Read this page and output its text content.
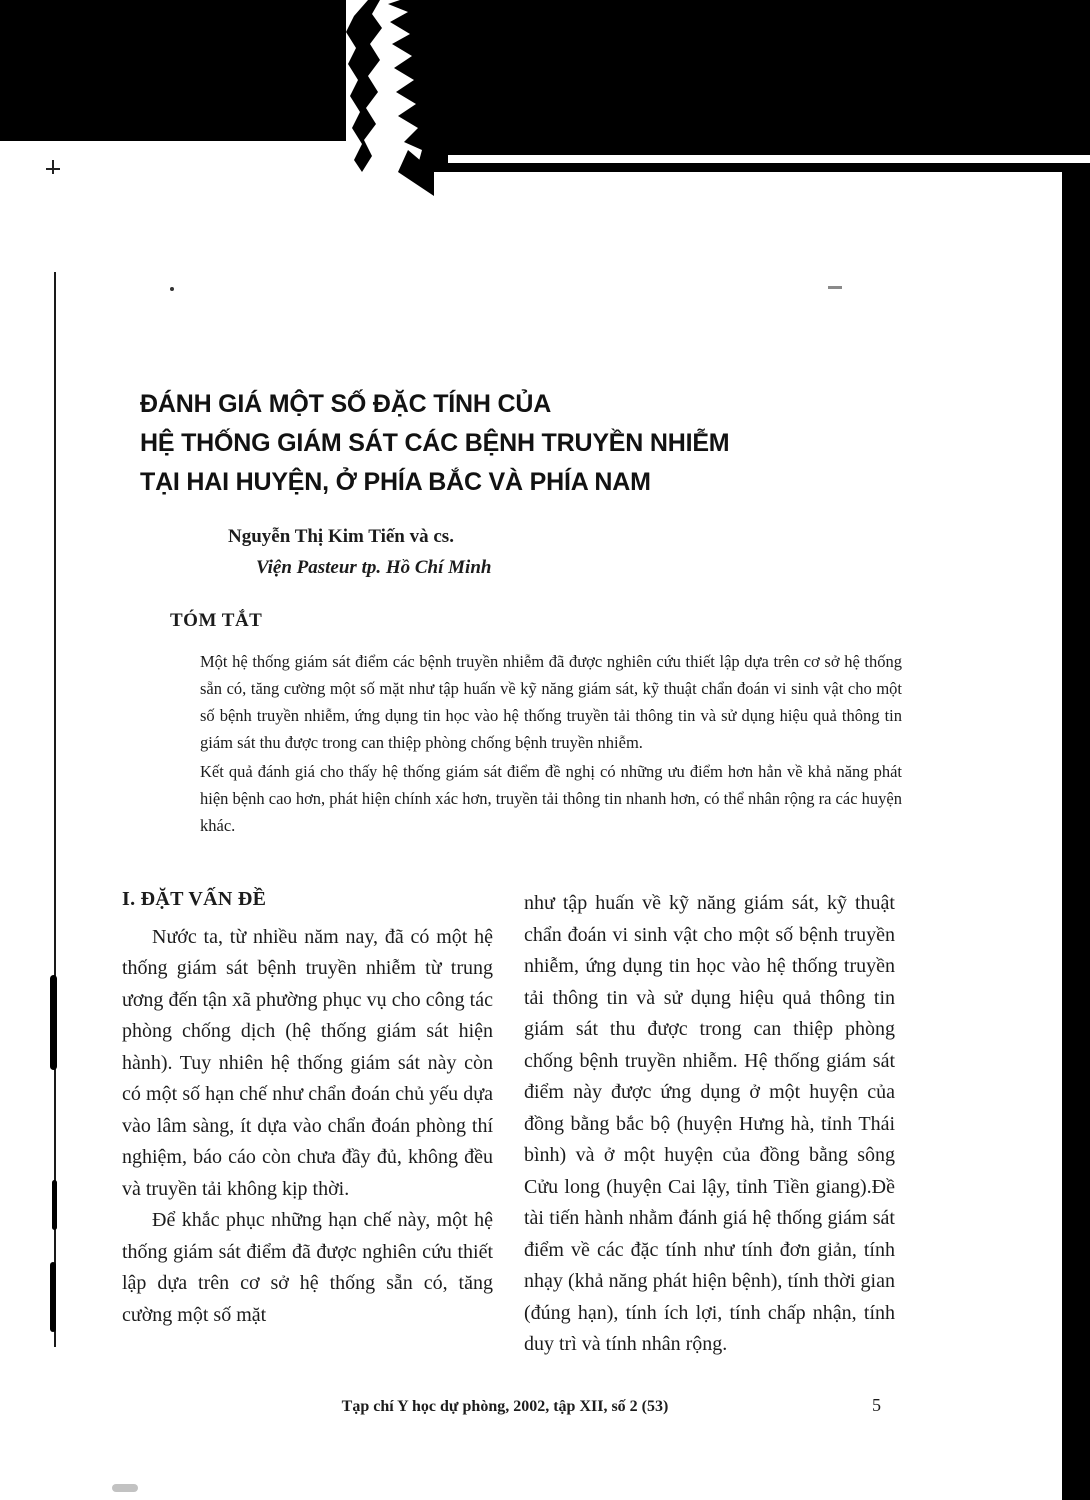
ĐÁNH GIÁ MỘT SỐ ĐẶC TÍNH CỦA
HỆ THỐNG GIÁM SÁT CÁC BỆNH TRUYỀN NHIỄM
TẠI HAI HUYỆN, Ở PHÍA BẮC VÀ PHÍA NAM
Nguyễn Thị Kim Tiến và cs.
Viện Pasteur tp. Hồ Chí Minh
TÓM TẮT

Một hệ thống giám sát điểm các bệnh truyền nhiễm đã được nghiên cứu thiết lập dựa trên cơ sở hệ thống sẵn có, tăng cường một số mặt như tập huấn về kỹ năng giám sát, kỹ thuật chẩn đoán vi sinh vật cho một số bệnh truyền nhiễm, ứng dụng tin học vào hệ thống truyền tải thông tin và sử dụng hiệu quả thông tin giám sát thu được trong can thiệp phòng chống bệnh truyền nhiễm.

Kết quả đánh giá cho thấy hệ thống giám sát điểm đề nghị có những ưu điểm hơn hẳn về khả năng phát hiện bệnh cao hơn, phát hiện chính xác hơn, truyền tải thông tin nhanh hơn, có thể nhân rộng ra các huyện khác.

I. ĐẶT VẤN ĐỀ

Nước ta, từ nhiều năm nay, đã có một hệ thống giám sát bệnh truyền nhiễm từ trung ương đến tận xã phường phục vụ cho công tác phòng chống dịch (hệ thống giám sát hiện hành). Tuy nhiên hệ thống giám sát này còn có một số hạn chế như chẩn đoán chủ yếu dựa vào lâm sàng, ít dựa vào chẩn đoán phòng thí nghiệm, báo cáo còn chưa đầy đủ, không đều và truyền tải không kịp thời.

Để khắc phục những hạn chế này, một hệ thống giám sát điểm đã được nghiên cứu thiết lập dựa trên cơ sở hệ thống sẵn có, tăng cường một số mặt

như tập huấn về kỹ năng giám sát, kỹ thuật chẩn đoán vi sinh vật cho một số bệnh truyền nhiễm, ứng dụng tin học vào hệ thống truyền tải thông tin và sử dụng hiệu quả thông tin giám sát thu được trong can thiệp phòng chống bệnh truyền nhiễm. Hệ thống giám sát điểm này được ứng dụng ở một huyện của đồng bằng bắc bộ (huyện Hưng hà, tỉnh Thái bình) và ở một huyện của đồng bằng sông Cửu long (huyện Cai lậy, tỉnh Tiền giang).Đề tài tiến hành nhằm đánh giá hệ thống giám sát điểm về các đặc tính như tính đơn giản, tính nhạy (khả năng phát hiện bệnh), tính thời gian (đúng hạn), tính ích lợi, tính chấp nhận, tính duy trì và tính nhân rộng.

Tạp chí Y học dự phòng, 2002, tập XII, số 2 (53)	5
